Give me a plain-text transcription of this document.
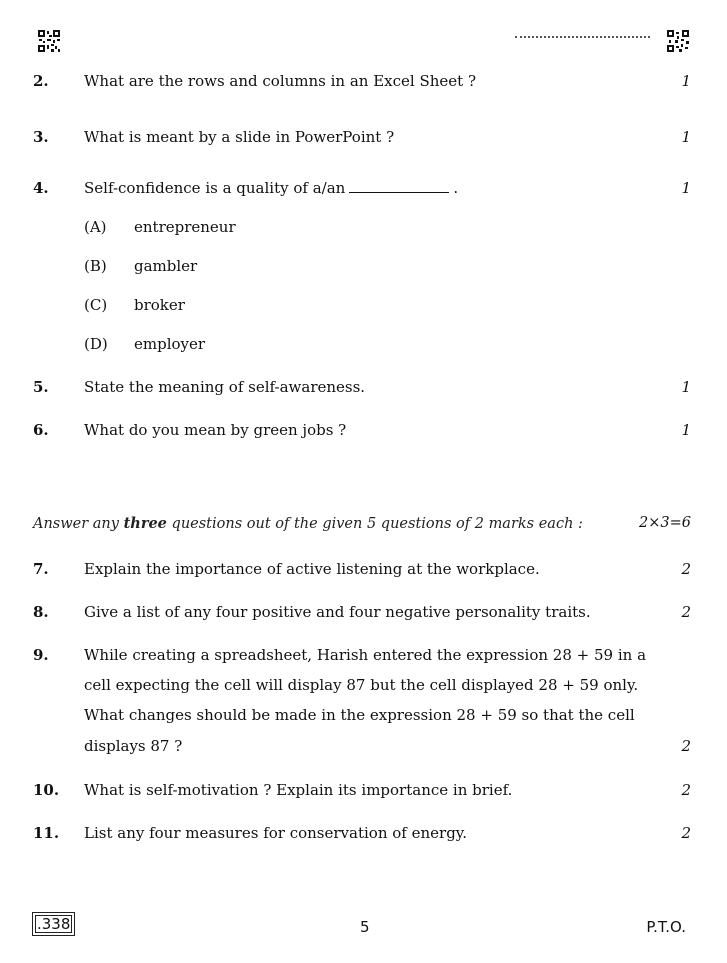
2. What are the rows and columns in an Excel Sheet ?	1
3. What is meant by a slide in PowerPoint ?	1
4. Self-confidence is a quality of a/an	.	1
(A) entrepreneur
(B) gambler
(C) broker
(D) employer
5. State the meaning of self-awareness.	1
6. What do you mean by green jobs ?	1
Answer any three questions out of the given 5 questions of 2 marks each :	2×3=6
7. Explain the importance of active listening at the workplace.	2
8. Give a list of any four positive and four negative personality traits.	2
9. While creating a spreadsheet, Harish entered the expression 28 + 59 in a
cell expecting the cell will display 87 but the cell displayed 28 + 59 only.
What changes should be made in the expression 28 + 59 so that the cell
displays 87 ?	2
10. What is self-motivation ? Explain its importance in brief.	2
11. List any four measures for conservation of energy.	2
.338	5	P.T.O.
